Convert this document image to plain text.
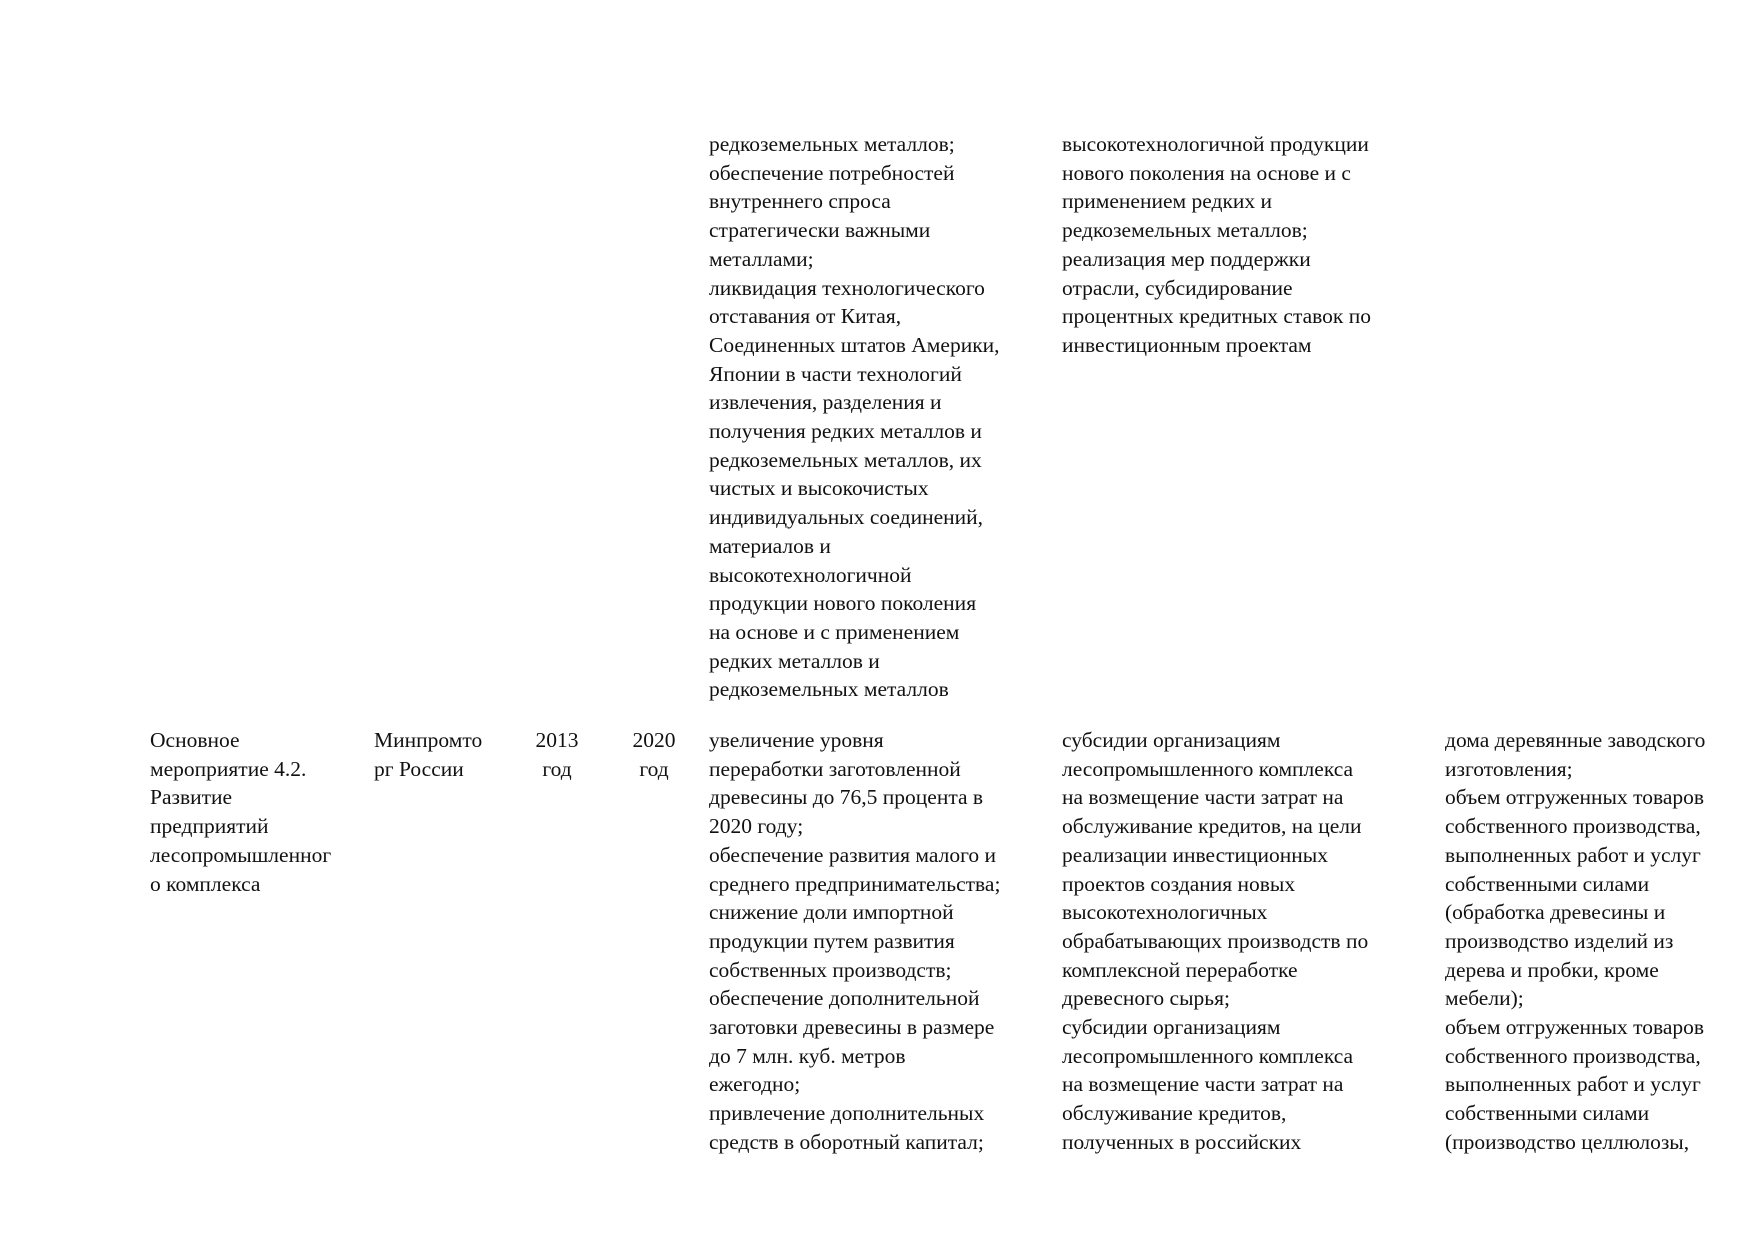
редкоземельных металлов;
обеспечение потребностей
внутреннего спроса
стратегически важными
металлами;
ликвидация технологического
отставания от Китая,
Соединенных штатов Америки,
Японии в части технологий
извлечения, разделения и
получения редких металлов и
редкоземельных металлов, их
чистых и высокочистых
индивидуальных соединений,
материалов и
высокотехнологичной
продукции нового поколения
на основе и с применением
редких металлов и
редкоземельных металлов
высокотехнологичной продукции
нового поколения на основе и с
применением редких и
редкоземельных металлов;
реализация мер поддержки
отрасли, субсидирование
процентных кредитных ставок по
инвестиционным проектам
Основное
мероприятие 4.2.
Развитие
предприятий
лесопромышленног
о комплекса
Минпромто
рг России
2013
год
2020
год
увеличение уровня
переработки заготовленной
древесины до 76,5 процента в
2020 году;
обеспечение развития малого и
среднего предпринимательства;
снижение доли импортной
продукции путем развития
собственных производств;
обеспечение дополнительной
заготовки древесины в размере
до 7 млн. куб. метров
ежегодно;
привлечение дополнительных
средств в оборотный капитал;
субсидии организациям
лесопромышленного комплекса
на возмещение части затрат на
обслуживание кредитов, на цели
реализации инвестиционных
проектов создания новых
высокотехнологичных
обрабатывающих производств по
комплексной переработке
древесного сырья;
субсидии организациям
лесопромышленного комплекса
на возмещение части затрат на
обслуживание кредитов,
полученных в российских
дома деревянные заводского
изготовления;
объем отгруженных товаров
собственного производства,
выполненных работ и услуг
собственными силами
(обработка древесины и
производство изделий из
дерева и пробки, кроме
мебели);
объем отгруженных товаров
собственного производства,
выполненных работ и услуг
собственными силами
(производство целлюлозы,
